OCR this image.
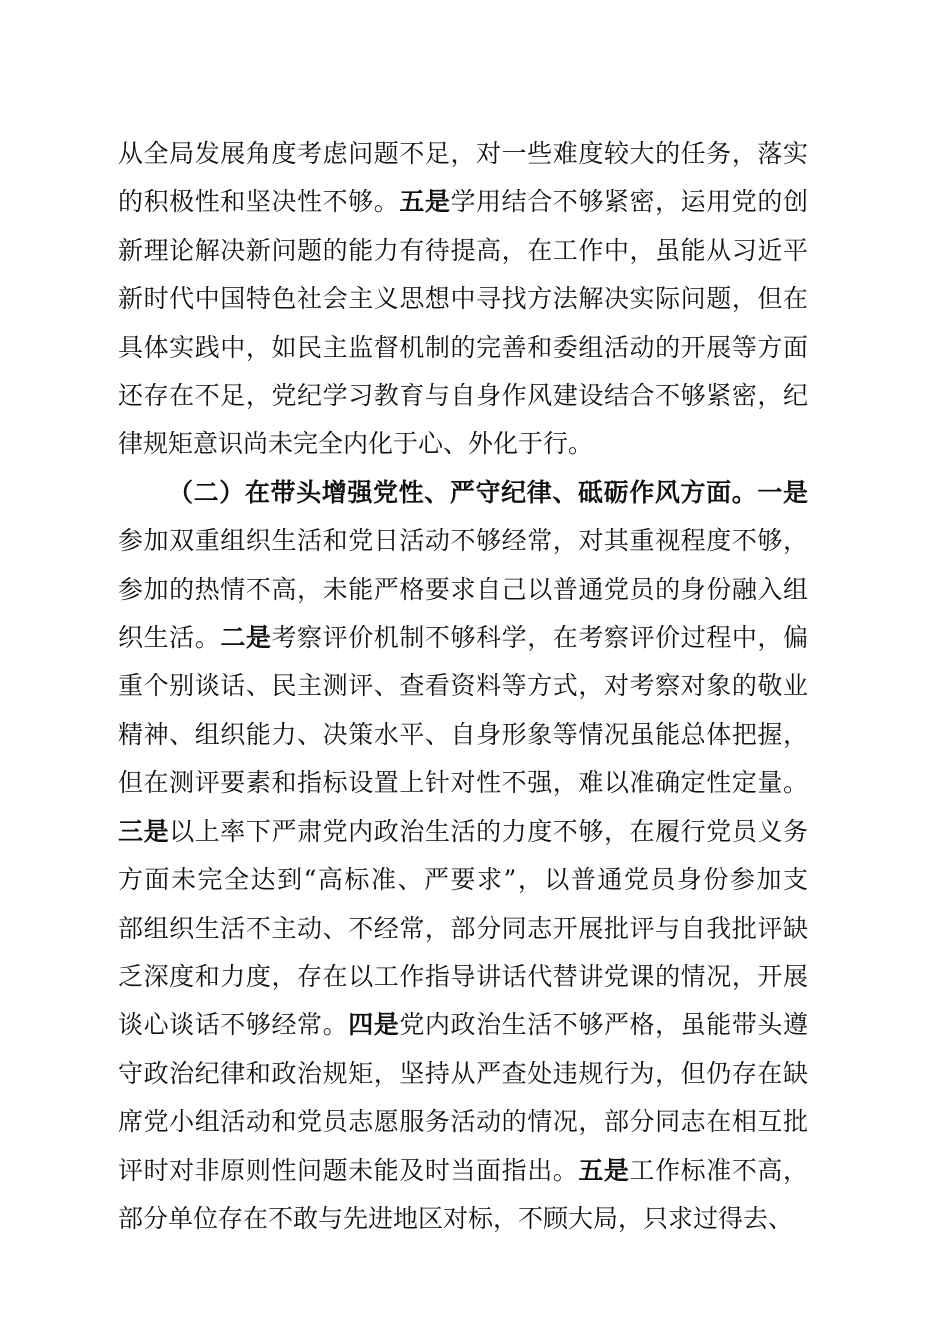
从全局发展角度考虑问题不足，对一些难度较大的任务，落实
的积极性和坚决性不够。五是学用结合不够紧密，运用党的创
新理论解决新问题的能力有待提高，在工作中，虽能从习近平
新时代中国特色社会主义思想中寻找方法解决实际问题，但在
具体实践中，如民主监督机制的完善和委组活动的开展等方面
还存在不足，党纪学习教育与自身作风建设结合不够紧密，纪
律规矩意识尚未完全内化于心、外化于行。
（二）在带头增强党性、严守纪律、砥砺作风方面。一是
参加双重组织生活和党日活动不够经常，对其重视程度不够，
参加的热情不高，未能严格要求自己以普通党员的身份融入组
织生活。二是考察评价机制不够科学，在考察评价过程中，偏
重个别谈话、民主测评、查看资料等方式，对考察对象的敬业
精神、组织能力、决策水平、自身形象等情况虽能总体把握，
但在测评要素和指标设置上针对性不强，难以准确定性定量。
三是以上率下严肃党内政治生活的力度不够，在履行党员义务
方面未完全达到“高标准、严要求”，以普通党员身份参加支
部组织生活不主动、不经常，部分同志开展批评与自我批评缺
乏深度和力度，存在以工作指导讲话代替讲党课的情况，开展
谈心谈话不够经常。四是党内政治生活不够严格，虽能带头遵
守政治纪律和政治规矩，坚持从严查处违规行为，但仍存在缺
席党小组活动和党员志愿服务活动的情况，部分同志在相互批
评时对非原则性问题未能及时当面指出。五是工作标准不高，
部分单位存在不敢与先进地区对标，不顾大局，只求过得去、
